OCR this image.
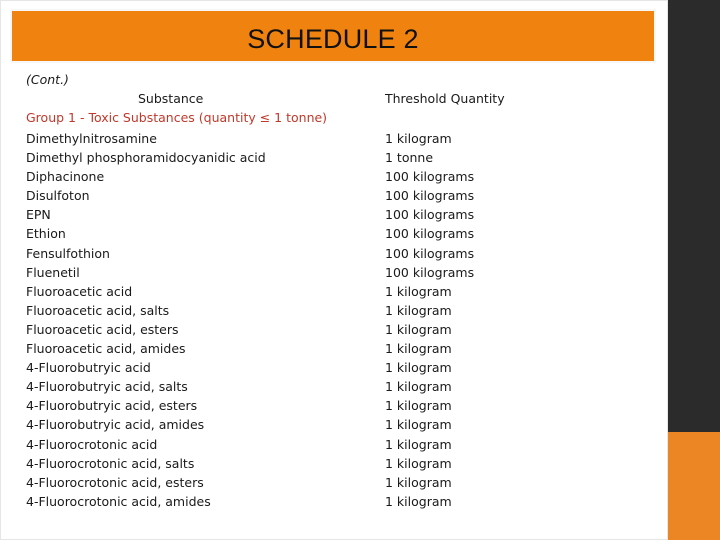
SCHEDULE 2
(Cont.)
Substance	Threshold Quantity
Group 1 - Toxic Substances (quantity ≤ 1 tonne)
Dimethylnitrosamine
Dimethyl phosphoramidocyanidic acid
Diphacinone
Disulfoton
EPN
Ethion
Fensulfothion
Fluenetil
Fluoroacetic acid
Fluoroacetic acid, salts
Fluoroacetic acid, esters
Fluoroacetic acid, amides
4-Fluorobutryic acid
4-Fluorobutryic acid, salts
4-Fluorobutryic acid, esters
4-Fluorobutryic acid, amides
4-Fluorocrotonic acid
4-Fluorocrotonic acid, salts
4-Fluorocrotonic acid, esters
4-Fluorocrotonic acid, amides
1 kilogram
1 tonne
100 kilograms
100 kilograms
100 kilograms
100 kilograms
100 kilograms
100 kilograms
1 kilogram
1 kilogram
1 kilogram
1 kilogram
1 kilogram
1 kilogram
1 kilogram
1 kilogram
1 kilogram
1 kilogram
1 kilogram
1 kilogram
